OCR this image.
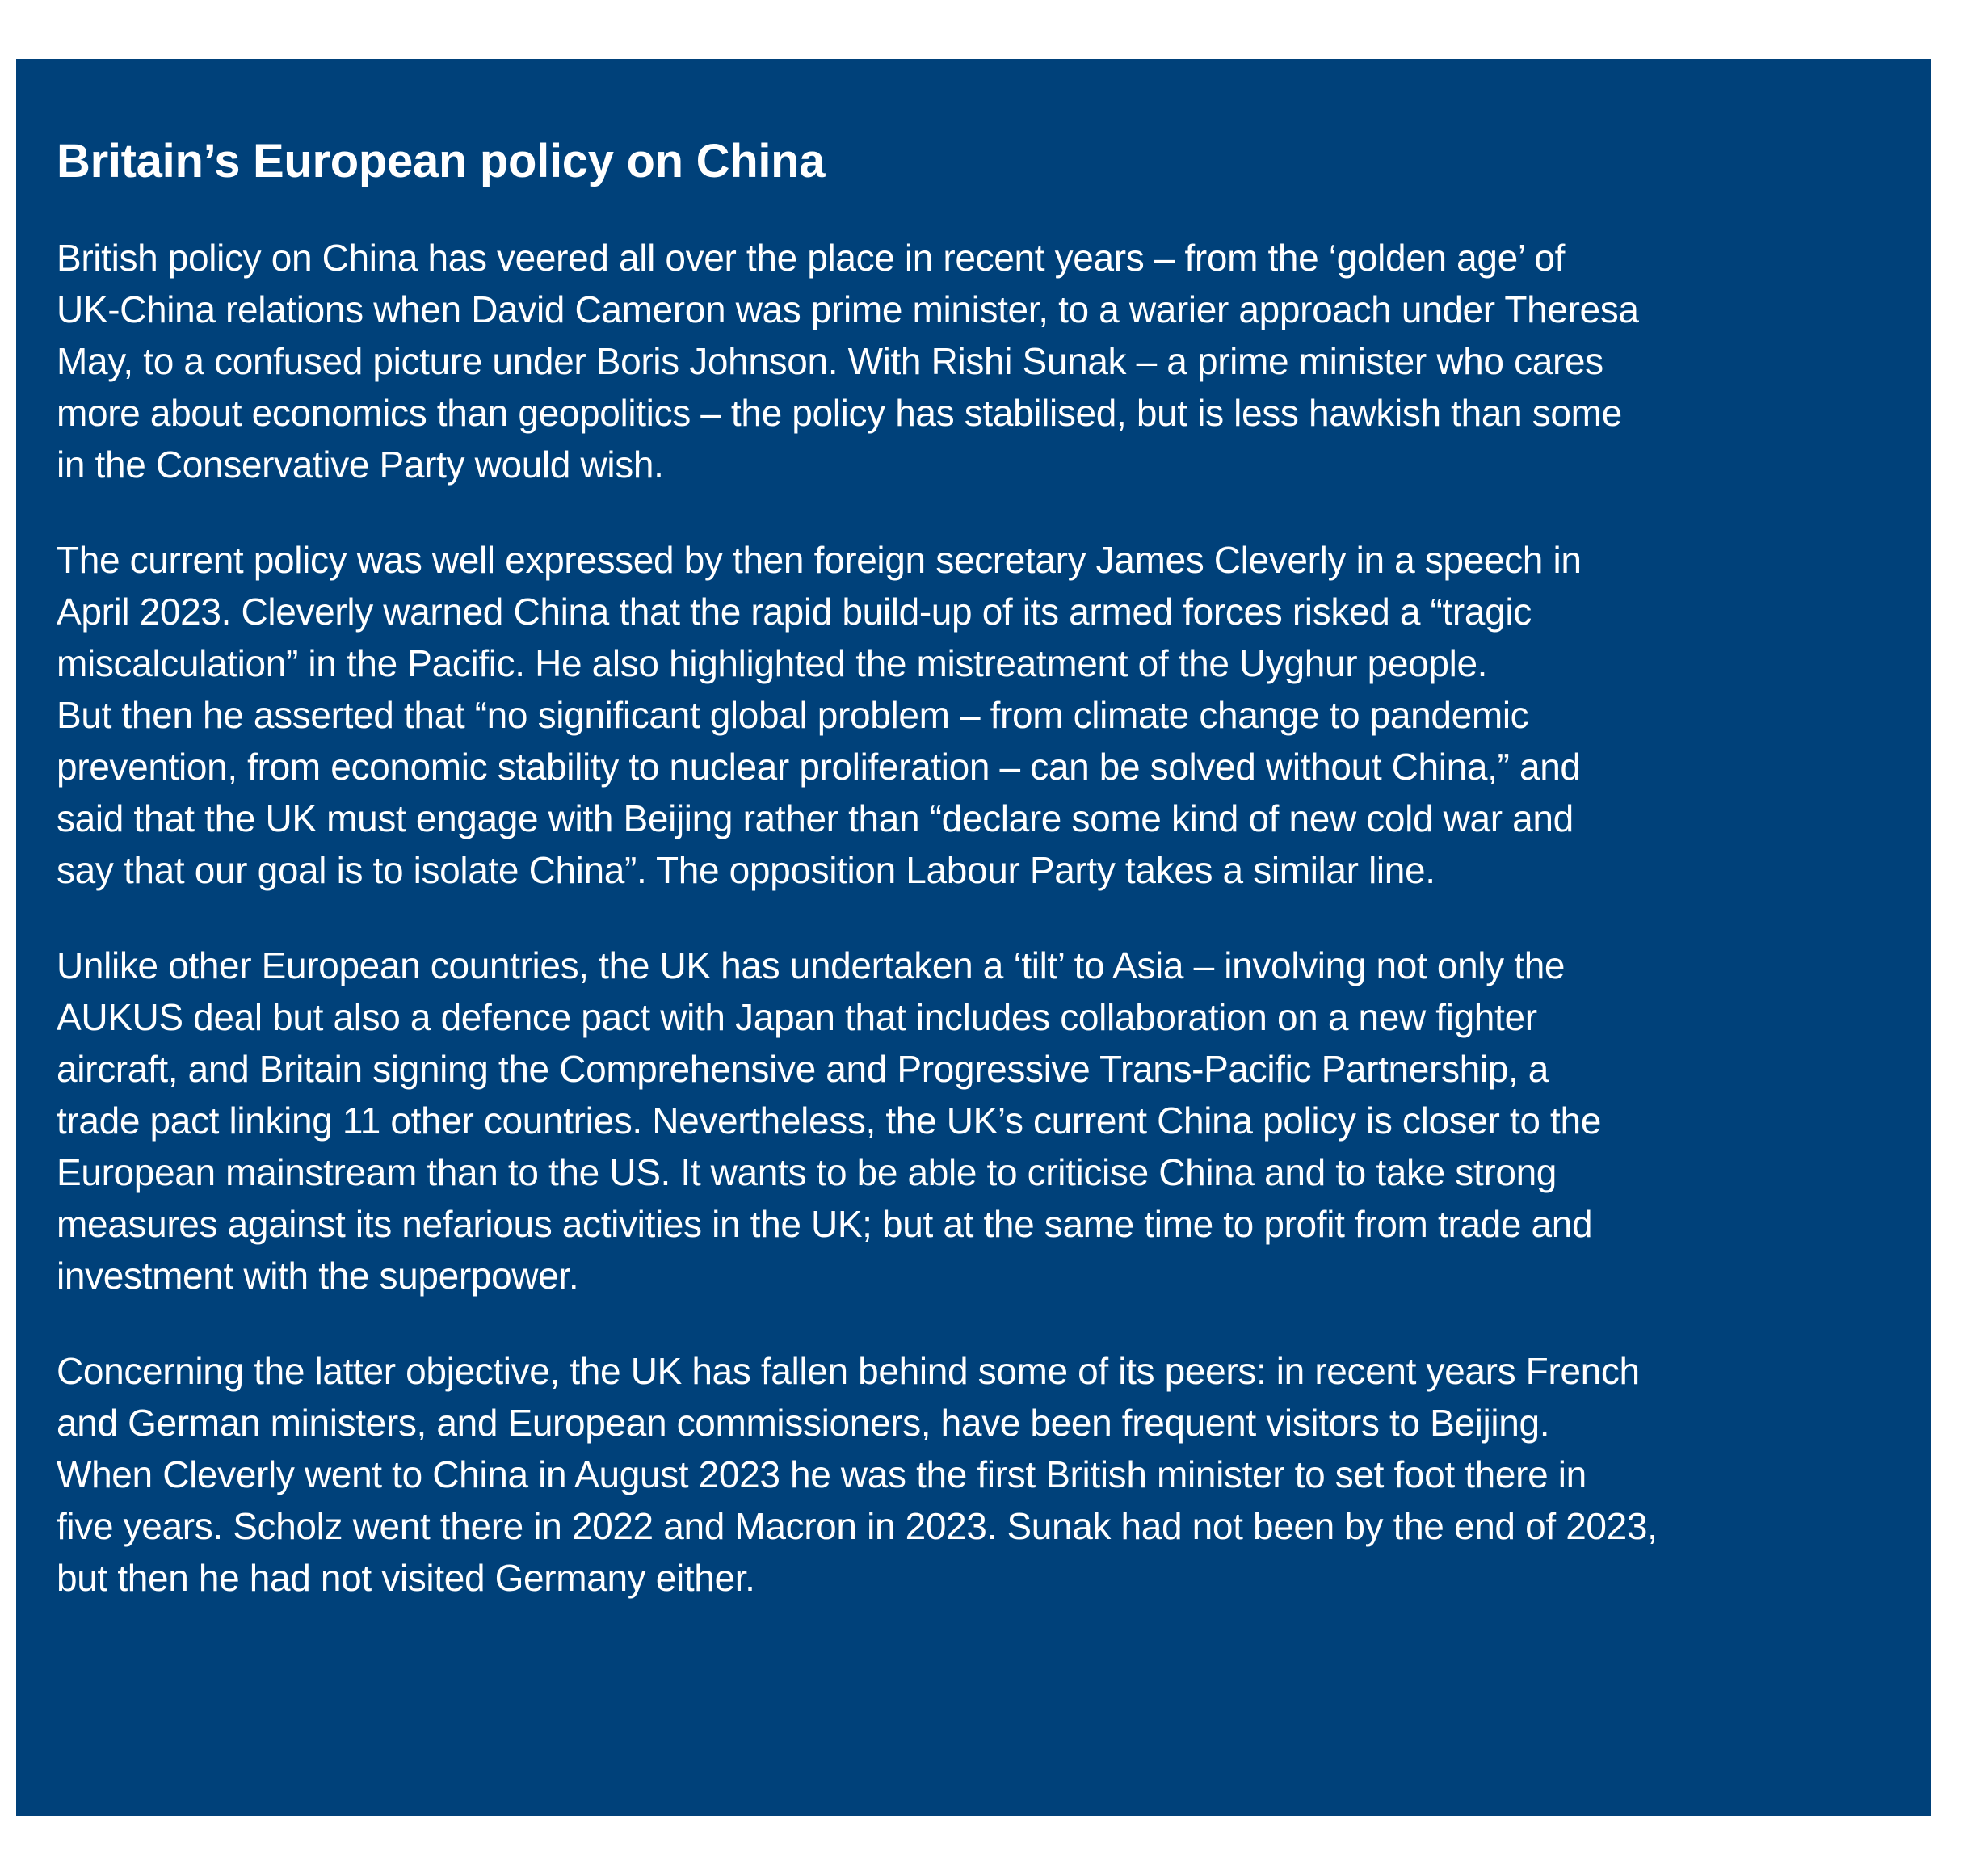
Britain’s European policy on China

British policy on China has veered all over the place in recent years – from the ‘golden age’ of
UK-China relations when David Cameron was prime minister, to a warier approach under Theresa
May, to a confused picture under Boris Johnson. With Rishi Sunak – a prime minister who cares
more about economics than geopolitics – the policy has stabilised, but is less hawkish than some
in the Conservative Party would wish.

The current policy was well expressed by then foreign secretary James Cleverly in a speech in
April 2023. Cleverly warned China that the rapid build-up of its armed forces risked a “tragic
miscalculation” in the Pacific. He also highlighted the mistreatment of the Uyghur people.
But then he asserted that “no significant global problem – from climate change to pandemic
prevention, from economic stability to nuclear proliferation – can be solved without China,” and
said that the UK must engage with Beijing rather than “declare some kind of new cold war and
say that our goal is to isolate China”. The opposition Labour Party takes a similar line.

Unlike other European countries, the UK has undertaken a ‘tilt’ to Asia – involving not only the
AUKUS deal but also a defence pact with Japan that includes collaboration on a new fighter
aircraft, and Britain signing the Comprehensive and Progressive Trans-Pacific Partnership, a
trade pact linking 11 other countries. Nevertheless, the UK’s current China policy is closer to the
European mainstream than to the US. It wants to be able to criticise China and to take strong
measures against its nefarious activities in the UK; but at the same time to profit from trade and
investment with the superpower.

Concerning the latter objective, the UK has fallen behind some of its peers: in recent years French
and German ministers, and European commissioners, have been frequent visitors to Beijing.
When Cleverly went to China in August 2023 he was the first British minister to set foot there in
five years. Scholz went there in 2022 and Macron in 2023. Sunak had not been by the end of 2023,
but then he had not visited Germany either.
